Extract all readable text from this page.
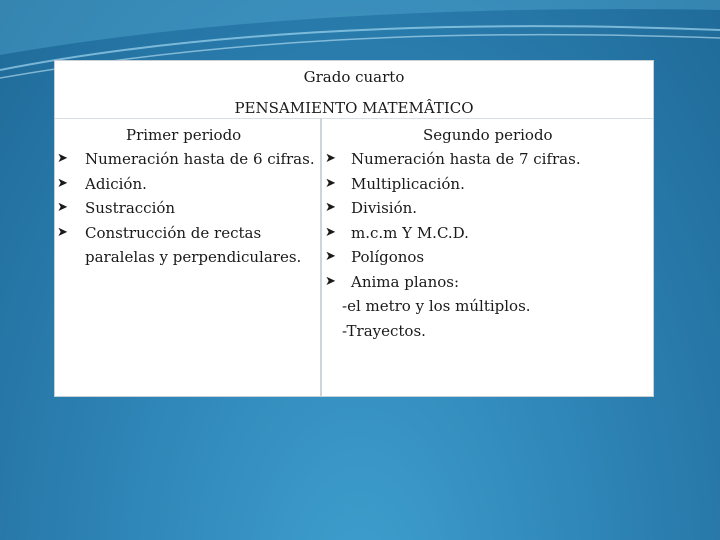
Grado cuarto
PENSAMIENTO MATEMÂTICO
Primer periodo
➤ Numeración hasta de 6 cifras.
➤ Adición.
➤ Sustracción
➤ Construcción de rectas
paralelas y perpendiculares.
Segundo periodo
➤ Numeración hasta de 7 cifras.
➤ Multiplicación.
➤ División.
➤ m.c.m Y M.C.D.
➤ Polígonos
➤ Anima planos:
-el metro y los múltiplos.
-Trayectos.
